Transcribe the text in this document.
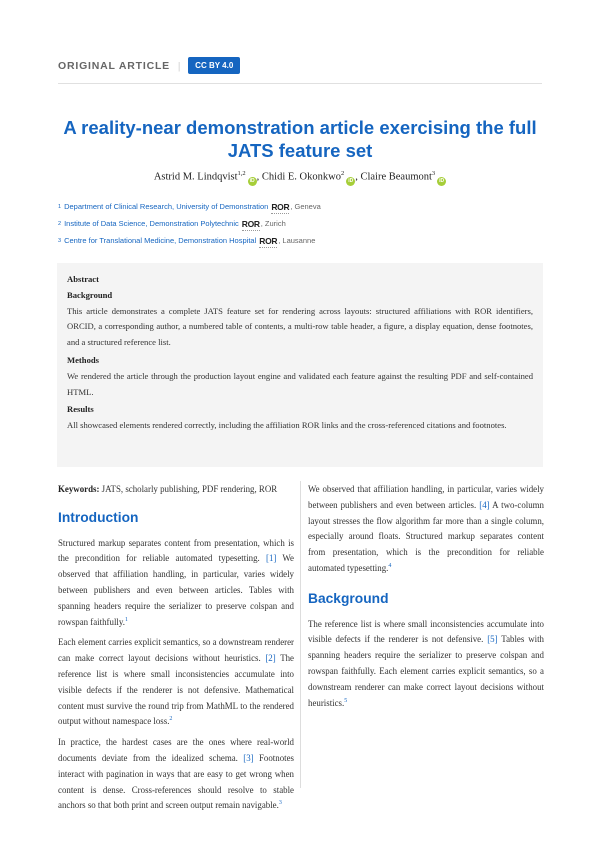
ORIGINAL ARTICLE |	CC BY 4.0
A reality-near demonstration article exercising the full JATS feature set
Astrid M. Lindqvist$^{1,2}$iD , Chidi E. Okonkwo$^2$iD , Claire Beaumont$^3$iD
1 Department of Clinical Research, University of Demonstration ROR , Geneva
2 Institute of Data Science, Demonstration Polytechnic ROR , Zurich
3 Centre for Translational Medicine, Demonstration Hospital ROR , Lausanne
Abstract
Background
This article demonstrates a complete JATS feature set for rendering across layouts: structured affiliations with ROR identifiers, ORCID, a corresponding author, a numbered table of contents, a multi-row table header, a figure, a display equation, dense footnotes, and a structured reference list.
Methods
We rendered the article through the production layout engine and validated each feature against the resulting PDF and self-contained HTML.
Results
All showcased elements rendered correctly, including the affiliation ROR links and the cross-referenced citations and footnotes.
Keywords: JATS, scholarly publishing, PDF rendering, ROR
Introduction

Structured markup separates content from presentation, which is the precondition for reliable automated typesetting. [1] We observed that affiliation handling, in particular, varies widely between publishers and even between articles. Tables with spanning headers require the serializer to preserve colspan and rowspan faithfully.$^1$

Each element carries explicit semantics, so a downstream renderer can make correct layout decisions without heuristics. [2] The reference list is where small inconsistencies accumulate into visible defects if the renderer is not defensive. Mathematical content must survive the round trip from MathML to the rendered output without namespace loss.$^2$

In practice, the hardest cases are the ones where real-world documents deviate from the idealized schema. [3] Footnotes interact with pagination in ways that are easy to get wrong when content is dense. Cross-references should resolve to stable anchors so that both print and screen output remain navigable.$^3$

We observed that affiliation handling, in particular, varies widely between publishers and even between articles. [4] A two-column layout stresses the flow algorithm far more than a single column, especially around floats. Structured markup separates content from presentation, which is the precondition for reliable automated typesetting.$^4$

Background

The reference list is where small inconsistencies accumulate into visible defects if the renderer is not defensive. [5] Tables with spanning headers require the serializer to preserve colspan and rowspan faithfully. Each element carries explicit semantics, so a downstream renderer can make correct layout decisions without heuristics.$^5$
